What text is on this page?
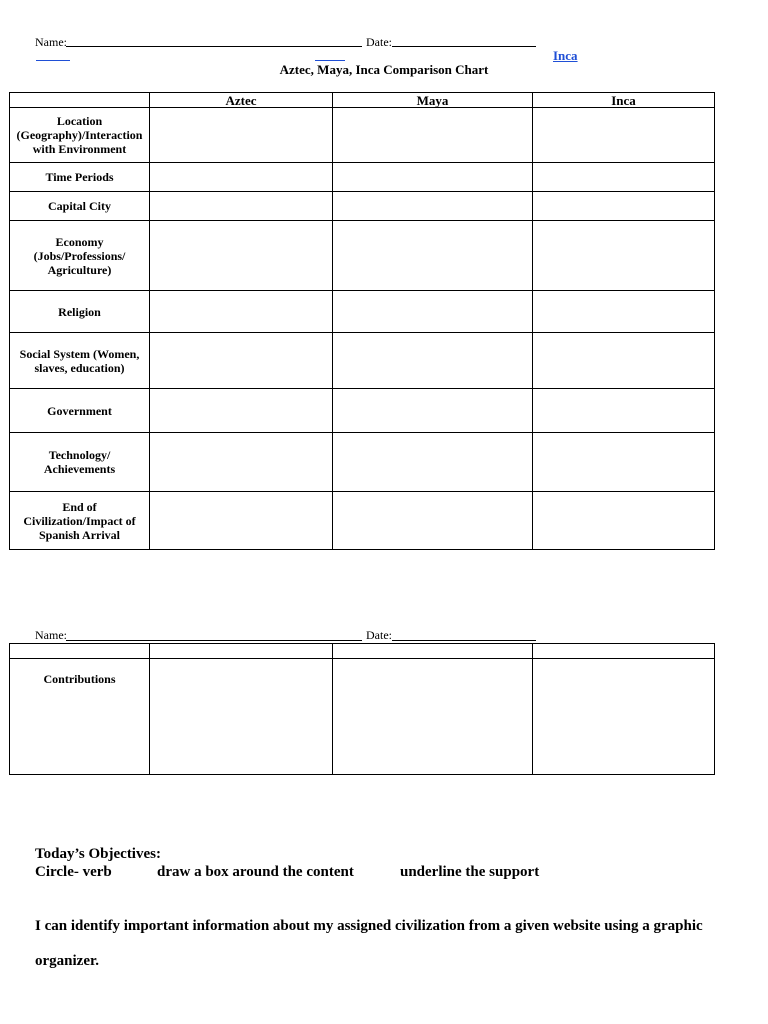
Name:	Date:
Inca
Aztec, Maya, Inca Comparison Chart
	Aztec	Maya	Inca
Location (Geography)/Interaction with Environment			
Time Periods			
Capital City			
Economy (Jobs/Professions/ Agriculture)			
Religion			
Social System (Women, slaves, education)			
Government			
Technology/ Achievements			
End of Civilization/Impact of Spanish Arrival			
Name:	Date:

Contributions			
Today’s Objectives:
Circle- verb	draw a box around the content	underline the support
I can identify important information about my assigned civilization from a given website using a graphic
organizer.
